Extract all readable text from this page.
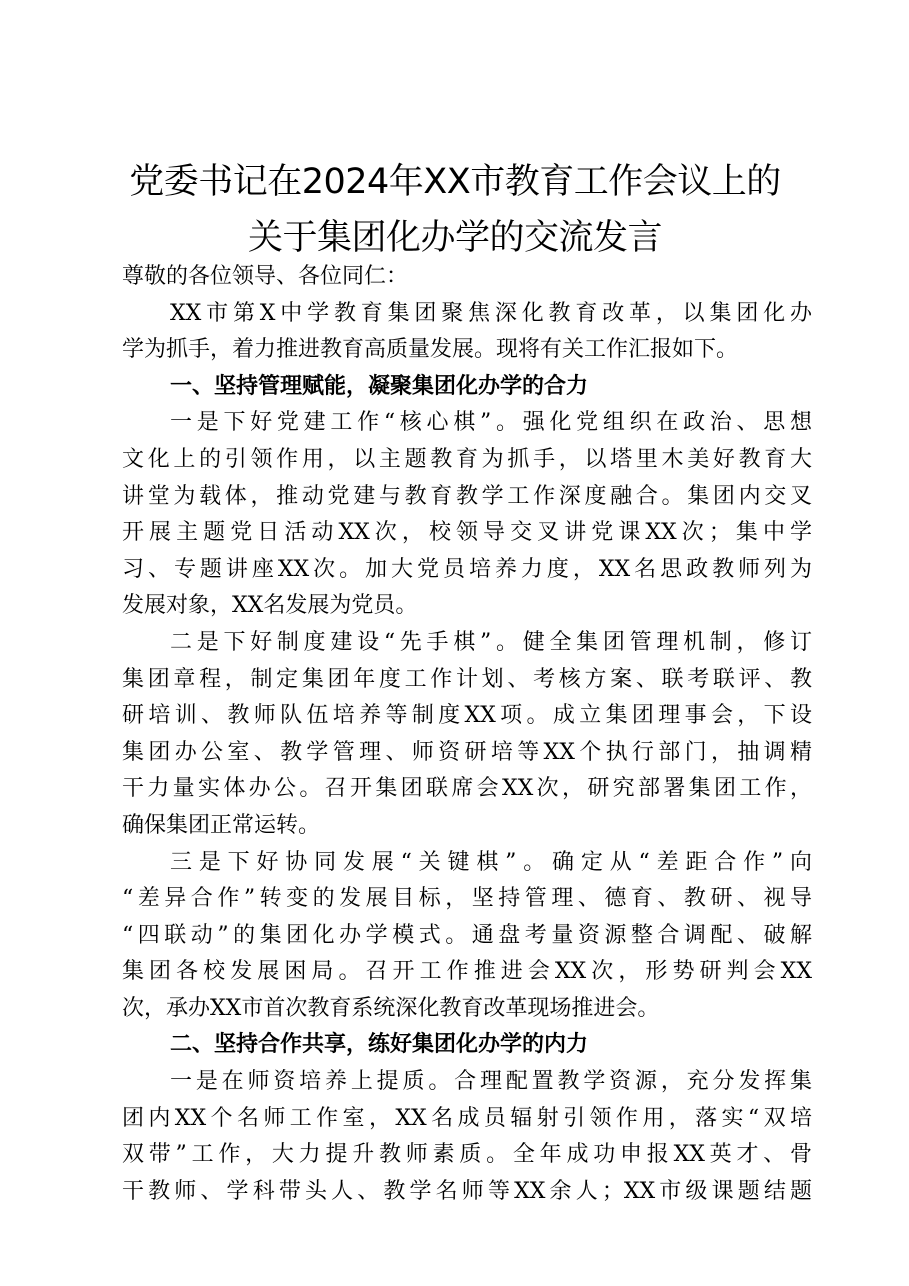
党委书记在2024年XX市教育工作会议上的
关于集团化办学的交流发言
尊敬的各位领导、各位同仁：
XX市第X中学教育集团聚焦深化教育改革，以集团化办
学为抓手，着力推进教育高质量发展。现将有关工作汇报如下。
一、坚持管理赋能，凝聚集团化办学的合力
一是下好党建工作“核心棋”。强化党组织在政治、思想
文化上的引领作用，以主题教育为抓手，以塔里木美好教育大
讲堂为载体，推动党建与教育教学工作深度融合。集团内交叉
开展主题党日活动XX次，校领导交叉讲党课XX次；集中学
习、专题讲座XX次。加大党员培养力度，XX名思政教师列为
发展对象，XX名发展为党员。
二是下好制度建设“先手棋”。健全集团管理机制，修订
集团章程，制定集团年度工作计划、考核方案、联考联评、教
研培训、教师队伍培养等制度XX项。成立集团理事会，下设
集团办公室、教学管理、师资研培等XX个执行部门，抽调精
干力量实体办公。召开集团联席会XX次，研究部署集团工作，
确保集团正常运转。
三是下好协同发展“关键棋”。确定从“差距合作”向
“差异合作”转变的发展目标，坚持管理、德育、教研、视导
“四联动”的集团化办学模式。通盘考量资源整合调配、破解
集团各校发展困局。召开工作推进会XX次，形势研判会XX
次，承办XX市首次教育系统深化教育改革现场推进会。
二、坚持合作共享，练好集团化办学的内力
一是在师资培养上提质。合理配置教学资源，充分发挥集
团内XX个名师工作室，XX名成员辐射引领作用，落实“双培
双带”工作，大力提升教师素质。全年成功申报XX英才、骨
干教师、学科带头人、教学名师等XX余人；XX市级课题结题
